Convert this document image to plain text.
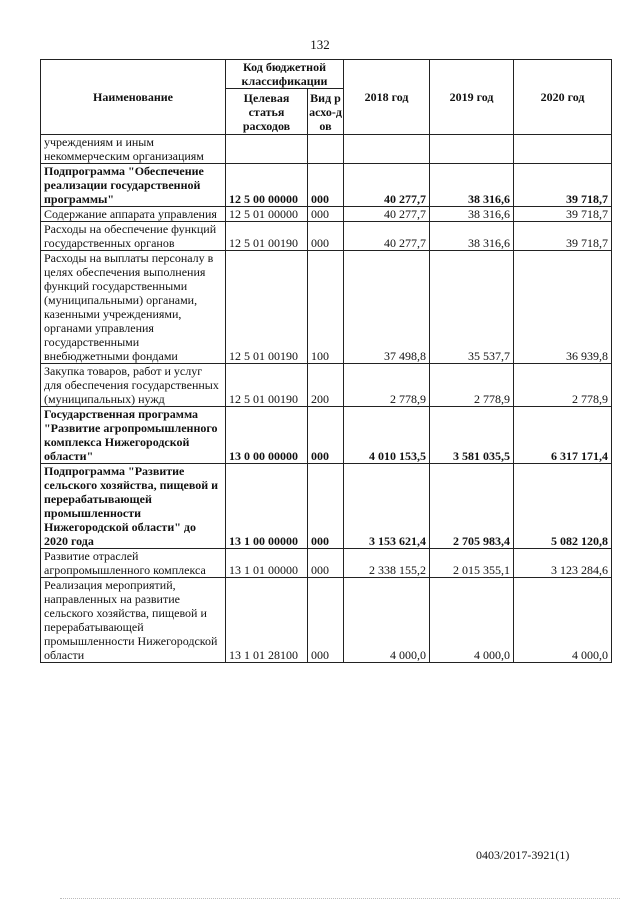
132
Наименование	Код бюджетной классификации		2018 год	2019 год	2020 год
	Целевая статья расходов	Вид расхо-дов			
учреждениям и иным некоммерческим организациям					
Подпрограмма "Обеспечение реализации государственной программы"	12 5 00 00000	000	40 277,7	38 316,6	39 718,7
Содержание аппарата управления	12 5 01 00000	000	40 277,7	38 316,6	39 718,7
Расходы на обеспечение функций государственных органов	12 5 01 00190	000	40 277,7	38 316,6	39 718,7
Расходы на выплаты персоналу в целях обеспечения выполнения функций государственными (муниципальными) органами, казенными учреждениями, органами управления государственными внебюджетными фондами	12 5 01 00190	100	37 498,8	35 537,7	36 939,8
Закупка товаров, работ и услуг для обеспечения государственных (муниципальных) нужд	12 5 01 00190	200	2 778,9	2 778,9	2 778,9
Государственная программа "Развитие агропромышленного комплекса Нижегородской области"	13 0 00 00000	000	4 010 153,5	3 581 035,5	6 317 171,4
Подпрограмма "Развитие сельского хозяйства, пищевой и перерабатывающей промышленности Нижегородской области" до 2020 года	13 1 00 00000	000	3 153 621,4	2 705 983,4	5 082 120,8
Развитие отраслей агропромышленного комплекса	13 1 01 00000	000	2 338 155,2	2 015 355,1	3 123 284,6
Реализация мероприятий, направленных на развитие сельского хозяйства, пищевой и перерабатывающей промышленности Нижегородской области	13 1 01 28100	000	4 000,0	4 000,0	4 000,0
0403/2017-3921(1)
